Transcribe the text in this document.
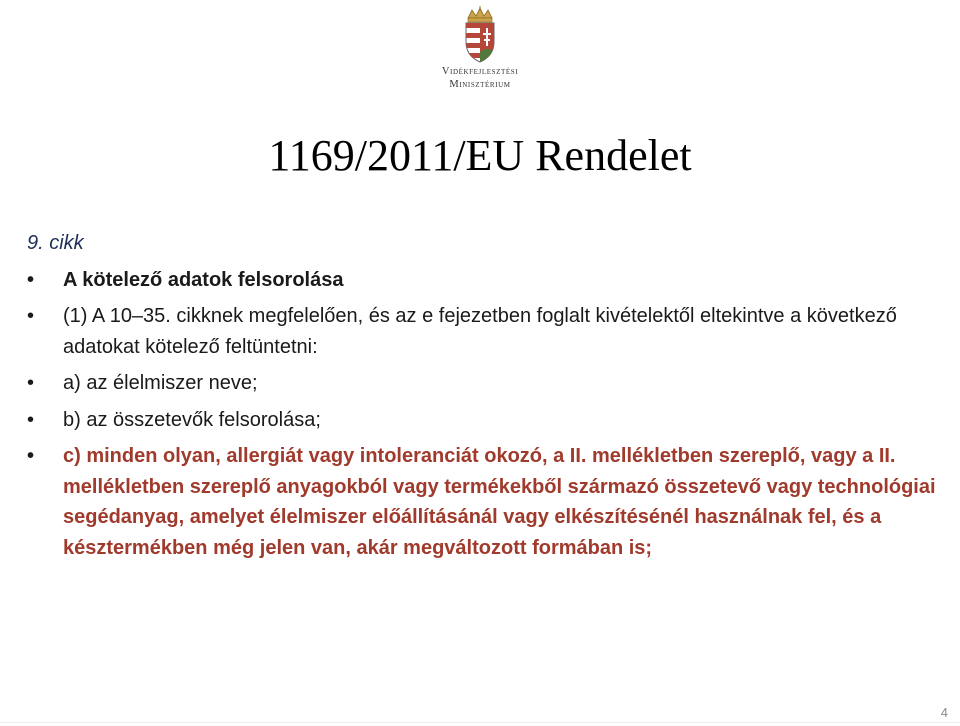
Vidékfejlesztési
Minisztérium
1169/2011/EU Rendelet
9. cikk
• A kötelező adatok felsorolása
• (1) A 10–35. cikknek megfelelően, és az e fejezetben foglalt kivételektől eltekintve a következő adatokat kötelező feltüntetni:
• a) az élelmiszer neve;
• b) az összetevők felsorolása;
• c) minden olyan, allergiát vagy intoleranciát okozó, a II. mellékletben szereplő, vagy a II. mellékletben szereplő anyagokból vagy termékekből származó összetevő vagy technológiai segédanyag, amelyet élelmiszer előállításánál vagy elkészítésénél használnak fel, és a késztermékben még jelen van, akár megváltozott formában is;
4
